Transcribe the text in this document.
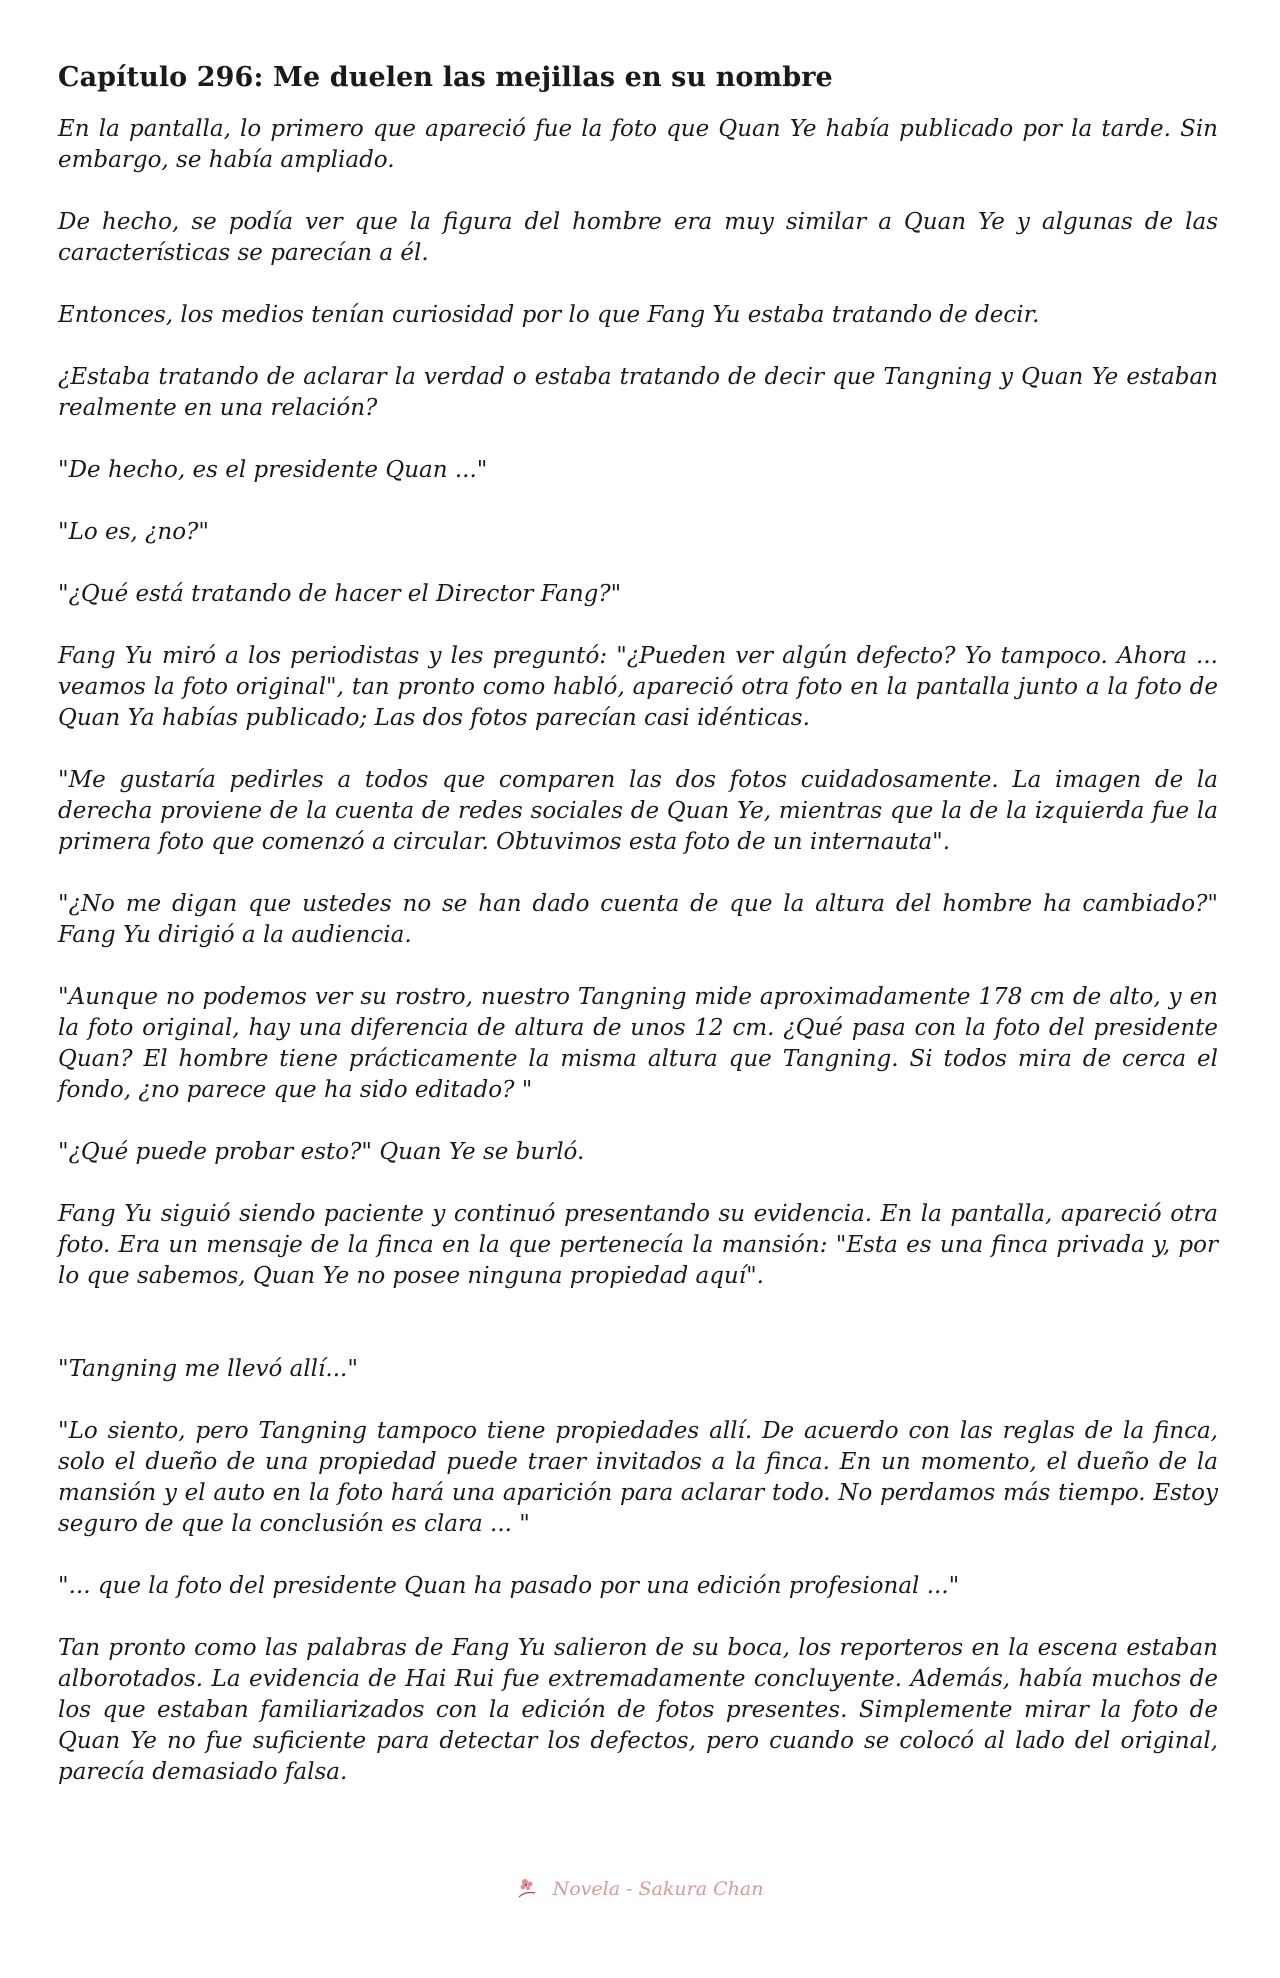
Capítulo 296: Me duelen las mejillas en su nombre

En la pantalla, lo primero que apareció fue la foto que Quan Ye había publicado por la tarde. Sin embargo, se había ampliado.

De hecho, se podía ver que la figura del hombre era muy similar a Quan Ye y algunas de las características se parecían a él.

Entonces, los medios tenían curiosidad por lo que Fang Yu estaba tratando de decir.

¿Estaba tratando de aclarar la verdad o estaba tratando de decir que Tangning y Quan Ye estaban realmente en una relación?

"De hecho, es el presidente Quan ..."

"Lo es, ¿no?"

"¿Qué está tratando de hacer el Director Fang?"

Fang Yu miró a los periodistas y les preguntó: "¿Pueden ver algún defecto? Yo tampoco. Ahora ... veamos la foto original", tan pronto como habló, apareció otra foto en la pantalla junto a la foto de Quan Ya habías publicado; Las dos fotos parecían casi idénticas.

"Me gustaría pedirles a todos que comparen las dos fotos cuidadosamente. La imagen de la derecha proviene de la cuenta de redes sociales de Quan Ye, mientras que la de la izquierda fue la primera foto que comenzó a circular. Obtuvimos esta foto de un internauta".

"¿No me digan que ustedes no se han dado cuenta de que la altura del hombre ha cambiado?" Fang Yu dirigió a la audiencia.

"Aunque no podemos ver su rostro, nuestro Tangning mide aproximadamente 178 cm de alto, y en la foto original, hay una diferencia de altura de unos 12 cm. ¿Qué pasa con la foto del presidente Quan? El hombre tiene prácticamente la misma altura que Tangning. Si todos mira de cerca el fondo, ¿no parece que ha sido editado? "

"¿Qué puede probar esto?" Quan Ye se burló.

Fang Yu siguió siendo paciente y continuó presentando su evidencia. En la pantalla, apareció otra foto. Era un mensaje de la finca en la que pertenecía la mansión: "Esta es una finca privada y, por lo que sabemos, Quan Ye no posee ninguna propiedad aquí".

"Tangning me llevó allí..."

"Lo siento, pero Tangning tampoco tiene propiedades allí. De acuerdo con las reglas de la finca, solo el dueño de una propiedad puede traer invitados a la finca. En un momento, el dueño de la mansión y el auto en la foto hará una aparición para aclarar todo. No perdamos más tiempo. Estoy seguro de que la conclusión es clara ... "

"... que la foto del presidente Quan ha pasado por una edición profesional ..."

Tan pronto como las palabras de Fang Yu salieron de su boca, los reporteros en la escena estaban alborotados. La evidencia de Hai Rui fue extremadamente concluyente. Además, había muchos de los que estaban familiarizados con la edición de fotos presentes. Simplemente mirar la foto de Quan Ye no fue suficiente para detectar los defectos, pero cuando se colocó al lado del original, parecía demasiado falsa.

Novela - Sakura Chan
